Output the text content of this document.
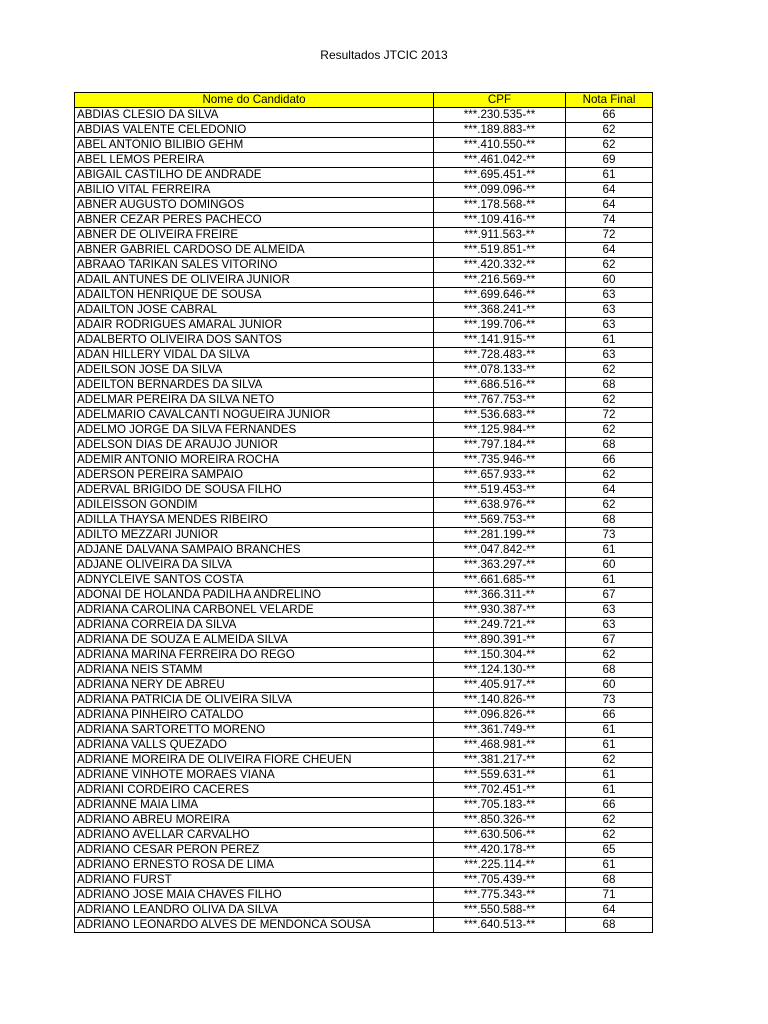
Resultados JTCIC 2013
Nome do Candidato	CPF	Nota Final
ABDIAS CLESIO DA SILVA	***.230.535-**	66
ABDIAS VALENTE CELEDONIO	***.189.883-**	62
ABEL ANTONIO BILIBIO GEHM	***.410.550-**	62
ABEL LEMOS PEREIRA	***.461.042-**	69
ABIGAIL CASTILHO DE ANDRADE	***.695.451-**	61
ABILIO VITAL FERREIRA	***.099.096-**	64
ABNER AUGUSTO DOMINGOS	***.178.568-**	64
ABNER CEZAR PERES PACHECO	***.109.416-**	74
ABNER DE OLIVEIRA FREIRE	***.911.563-**	72
ABNER GABRIEL CARDOSO DE ALMEIDA	***.519.851-**	64
ABRAAO TARIKAN SALES VITORINO	***.420.332-**	62
ADAIL ANTUNES DE OLIVEIRA JUNIOR	***.216.569-**	60
ADAILTON HENRIQUE DE SOUSA	***.699.646-**	63
ADAILTON JOSE CABRAL	***.368.241-**	63
ADAIR RODRIGUES AMARAL JUNIOR	***.199.706-**	63
ADALBERTO OLIVEIRA DOS SANTOS	***.141.915-**	61
ADAN HILLERY VIDAL DA SILVA	***.728.483-**	63
ADEILSON JOSE DA SILVA	***.078.133-**	62
ADEILTON BERNARDES DA SILVA	***.686.516-**	68
ADELMAR PEREIRA DA SILVA NETO	***.767.753-**	62
ADELMARIO CAVALCANTI NOGUEIRA JUNIOR	***.536.683-**	72
ADELMO JORGE DA SILVA FERNANDES	***.125.984-**	62
ADELSON DIAS DE ARAUJO JUNIOR	***.797.184-**	68
ADEMIR ANTONIO MOREIRA ROCHA	***.735.946-**	66
ADERSON PEREIRA SAMPAIO	***.657.933-**	62
ADERVAL BRIGIDO DE SOUSA FILHO	***.519.453-**	64
ADILEISSON GONDIM	***.638.976-**	62
ADILLA THAYSA MENDES RIBEIRO	***.569.753-**	68
ADILTO MEZZARI JUNIOR	***.281.199-**	73
ADJANE DALVANA SAMPAIO BRANCHES	***.047.842-**	61
ADJANE OLIVEIRA DA SILVA	***.363.297-**	60
ADNYCLEIVE SANTOS COSTA	***.661.685-**	61
ADONAI DE HOLANDA PADILHA ANDRELINO	***.366.311-**	67
ADRIANA CAROLINA CARBONEL VELARDE	***.930.387-**	63
ADRIANA CORREIA DA SILVA	***.249.721-**	63
ADRIANA DE SOUZA E ALMEIDA SILVA	***.890.391-**	67
ADRIANA MARINA FERREIRA DO REGO	***.150.304-**	62
ADRIANA NEIS STAMM	***.124.130-**	68
ADRIANA NERY DE ABREU	***.405.917-**	60
ADRIANA PATRICIA DE OLIVEIRA SILVA	***.140.826-**	73
ADRIANA PINHEIRO CATALDO	***.096.826-**	66
ADRIANA SARTORETTO MORENO	***.361.749-**	61
ADRIANA VALLS QUEZADO	***.468.981-**	61
ADRIANE MOREIRA DE OLIVEIRA FIORE CHEUEN	***.381.217-**	62
ADRIANE VINHOTE MORAES VIANA	***.559.631-**	61
ADRIANI CORDEIRO CACERES	***.702.451-**	61
ADRIANNE MAIA LIMA	***.705.183-**	66
ADRIANO ABREU MOREIRA	***.850.326-**	62
ADRIANO AVELLAR CARVALHO	***.630.506-**	62
ADRIANO CESAR PERON PEREZ	***.420.178-**	65
ADRIANO ERNESTO ROSA DE LIMA	***.225.114-**	61
ADRIANO FURST	***.705.439-**	68
ADRIANO JOSE MAIA CHAVES FILHO	***.775.343-**	71
ADRIANO LEANDRO OLIVA DA SILVA	***.550.588-**	64
ADRIANO LEONARDO ALVES DE MENDONCA SOUSA	***.640.513-**	68
